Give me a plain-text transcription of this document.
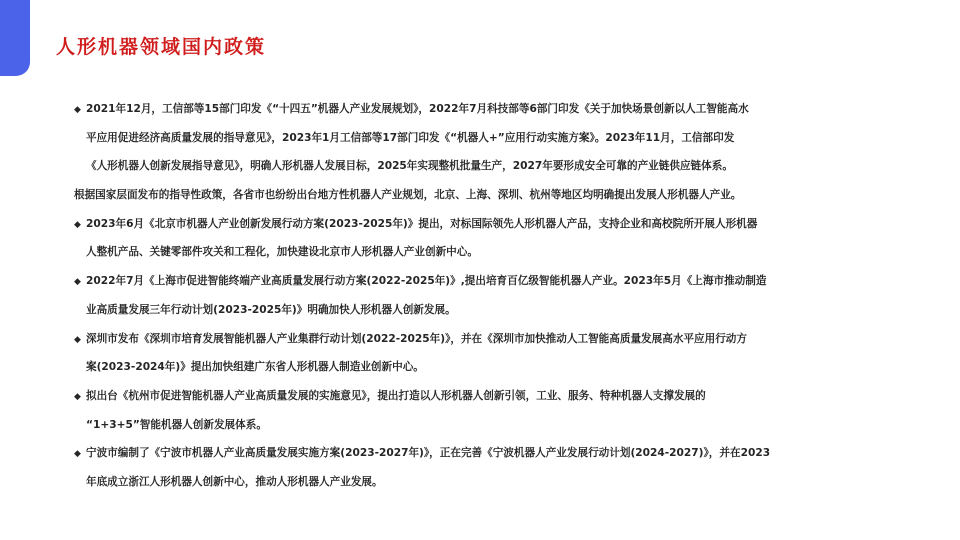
人形机器领域国内政策
◆ 2021年12月，工信部等15部门印发《“十四五”机器人产业发展规划》，2022年7月科技部等6部门印发《关于加快场景创新以人工智能高水
平应用促进经济高质量发展的指导意见》，2023年1月工信部等17部门印发《“机器人+”应用行动实施方案》。2023年11月，工信部印发
《人形机器人创新发展指导意见》，明确人形机器人发展目标，2025年实现整机批量生产，2027年要形成安全可靠的产业链供应链体系。
根据国家层面发布的指导性政策，各省市也纷纷出台地方性机器人产业规划，北京、上海、深圳、杭州等地区均明确提出发展人形机器人产业。
◆ 2023年6月《北京市机器人产业创新发展行动方案(2023-2025年)》提出，对标国际领先人形机器人产品，支持企业和高校院所开展人形机器
人整机产品、关键零部件攻关和工程化，加快建设北京市人形机器人产业创新中心。
◆ 2022年7月《上海市促进智能终端产业高质量发展行动方案(2022-2025年)》,提出培育百亿级智能机器人产业。2023年5月《上海市推动制造
业高质量发展三年行动计划(2023-2025年)》明确加快人形机器人创新发展。
◆ 深圳市发布《深圳市培育发展智能机器人产业集群行动计划(2022-2025年)》，并在《深圳市加快推动人工智能高质量发展高水平应用行动方
案(2023-2024年)》提出加快组建广东省人形机器人制造业创新中心。
◆ 拟出台《杭州市促进智能机器人产业高质量发展的实施意见》，提出打造以人形机器人创新引领，工业、服务、特种机器人支撑发展的
“1+3+5”智能机器人创新发展体系。
◆ 宁波市编制了《宁波市机器人产业高质量发展实施方案(2023-2027年)》，正在完善《宁波机器人产业发展行动计划(2024-2027)》，并在2023
年底成立浙江人形机器人创新中心，推动人形机器人产业发展。
